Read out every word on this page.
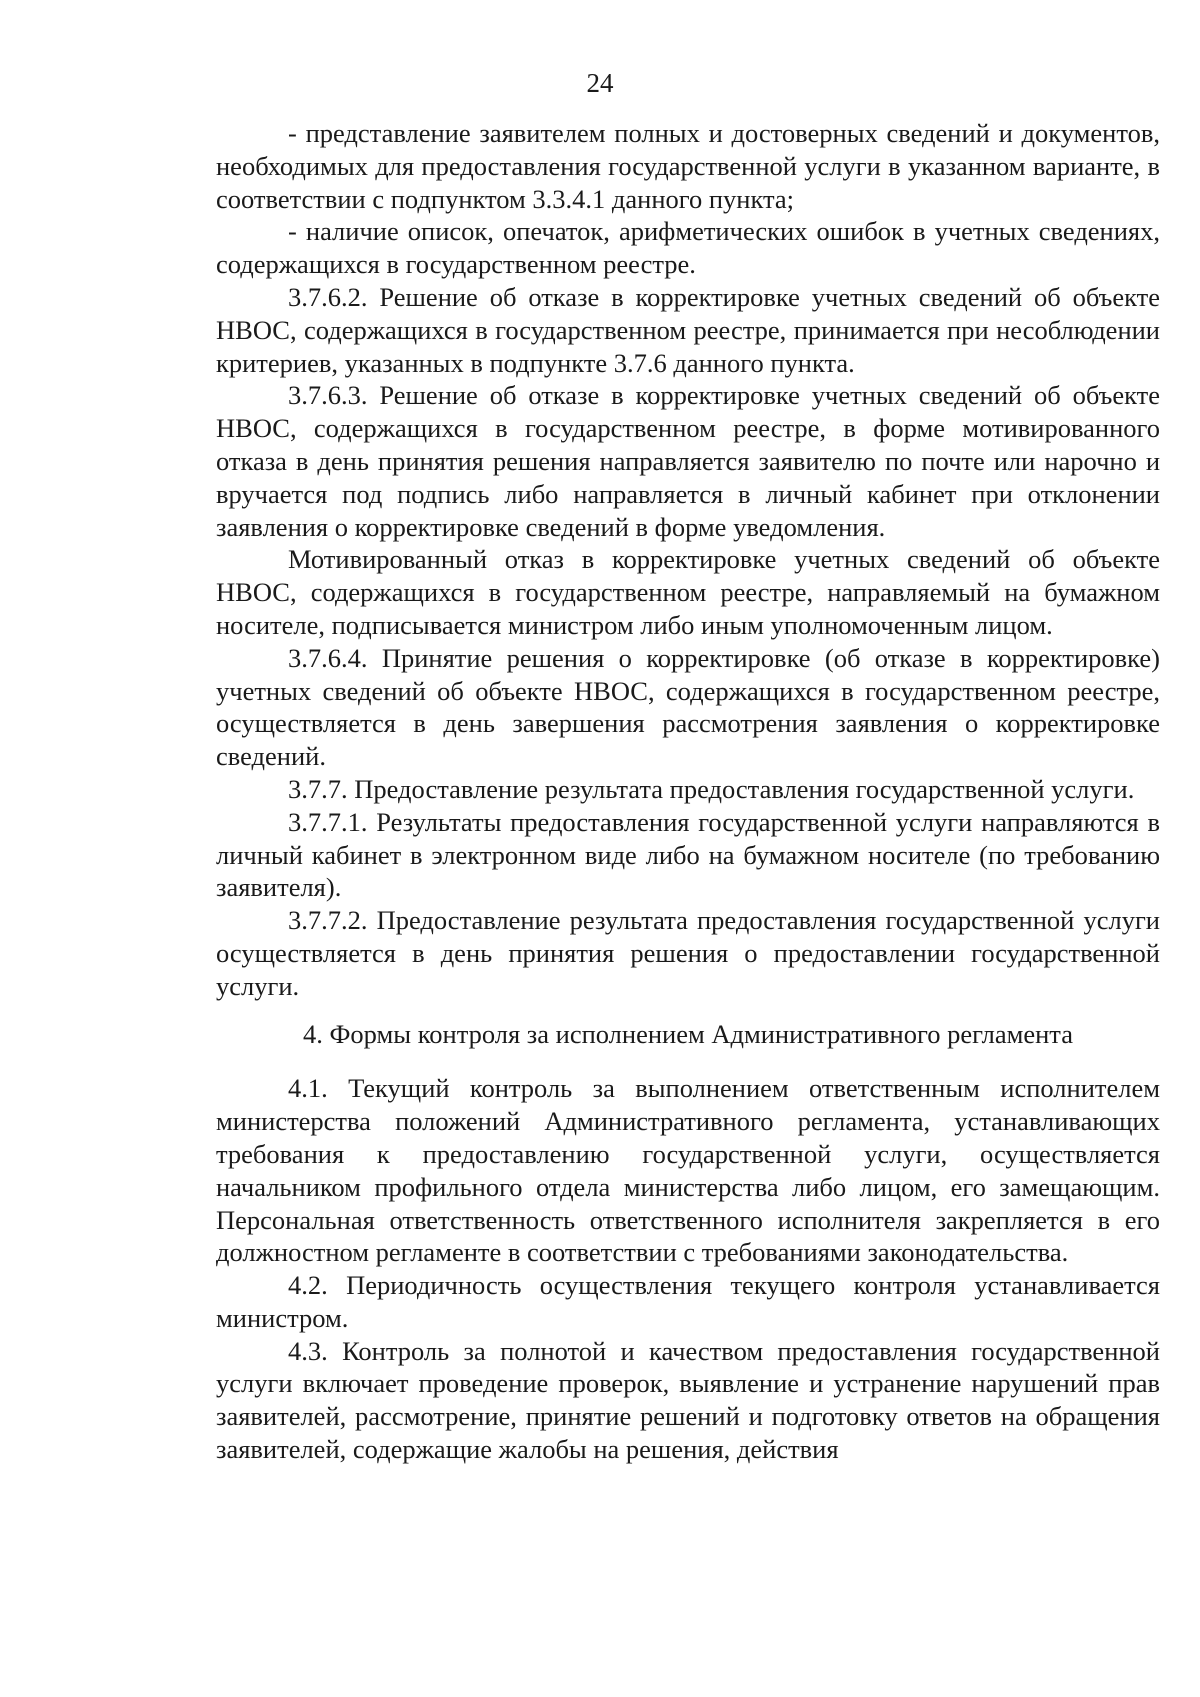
24

- представление заявителем полных и достоверных сведений и документов, необходимых для предоставления государственной услуги в указанном варианте, в соответствии с подпунктом 3.3.4.1 данного пункта;

- наличие описок, опечаток, арифметических ошибок в учетных сведениях, содержащихся в государственном реестре.

3.7.6.2. Решение об отказе в корректировке учетных сведений об объекте НВОС, содержащихся в государственном реестре, принимается при несоблюдении критериев, указанных в подпункте 3.7.6 данного пункта.

3.7.6.3. Решение об отказе в корректировке учетных сведений об объекте НВОС, содержащихся в государственном реестре, в форме мотивированного отказа в день принятия решения направляется заявителю по почте или нарочно и вручается под подпись либо направляется в личный кабинет при отклонении заявления о корректировке сведений в форме уведомления.

Мотивированный отказ в корректировке учетных сведений об объекте НВОС, содержащихся в государственном реестре, направляемый на бумажном носителе, подписывается министром либо иным уполномоченным лицом.

3.7.6.4. Принятие решения о корректировке (об отказе в корректировке) учетных сведений об объекте НВОС, содержащихся в государственном реестре, осуществляется в день завершения рассмотрения заявления о корректировке сведений.

3.7.7. Предоставление результата предоставления государственной услуги.

3.7.7.1. Результаты предоставления государственной услуги направляются в личный кабинет в электронном виде либо на бумажном носителе (по требованию заявителя).

3.7.7.2. Предоставление результата предоставления государственной услуги осуществляется в день принятия решения о предоставлении государственной услуги.

4. Формы контроля за исполнением Административного регламента

4.1. Текущий контроль за выполнением ответственным исполнителем министерства положений Административного регламента, устанавливающих требования к предоставлению государственной услуги, осуществляется начальником профильного отдела министерства либо лицом, его замещающим. Персональная ответственность ответственного исполнителя закрепляется в его должностном регламенте в соответствии с требованиями законодательства.

4.2. Периодичность осуществления текущего контроля устанавливается министром.

4.3. Контроль за полнотой и качеством предоставления государственной услуги включает проведение проверок, выявление и устранение нарушений прав заявителей, рассмотрение, принятие решений и подготовку ответов на обращения заявителей, содержащие жалобы на решения, действия
